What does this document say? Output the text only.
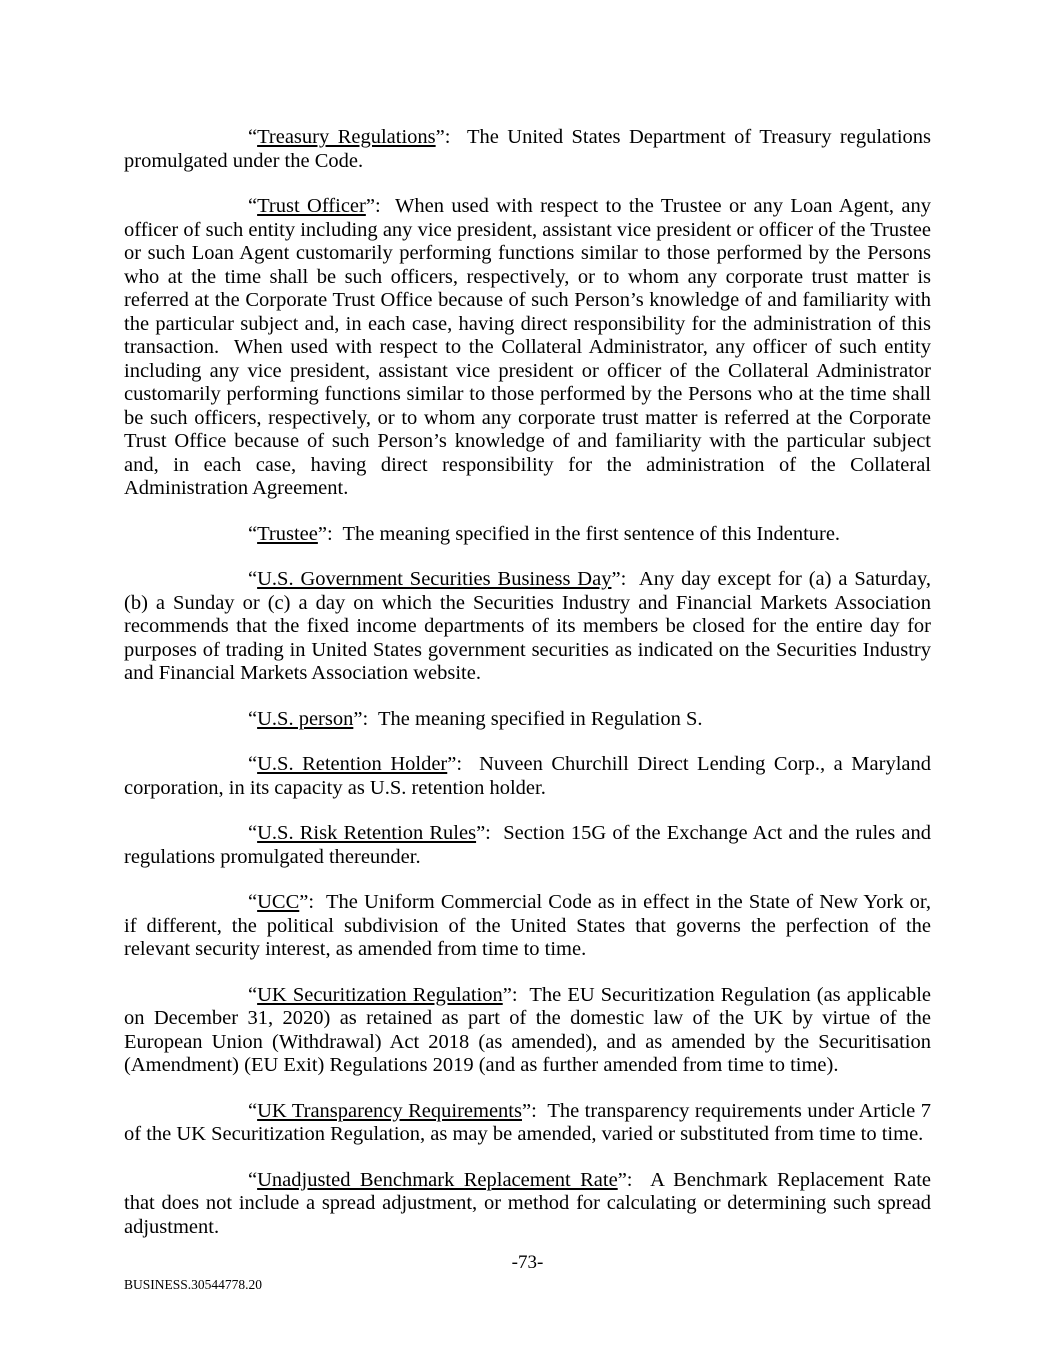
“Treasury Regulations”:  The United States Department of Treasury regulations promulgated under the Code.

“Trust Officer”:  When used with respect to the Trustee or any Loan Agent, any officer of such entity including any vice president, assistant vice president or officer of the Trustee or such Loan Agent customarily performing functions similar to those performed by the Persons who at the time shall be such officers, respectively, or to whom any corporate trust matter is referred at the Corporate Trust Office because of such Person’s knowledge of and familiarity with the particular subject and, in each case, having direct responsibility for the administration of this transaction.  When used with respect to the Collateral Administrator, any officer of such entity including any vice president, assistant vice president or officer of the Collateral Administrator customarily performing functions similar to those performed by the Persons who at the time shall be such officers, respectively, or to whom any corporate trust matter is referred at the Corporate Trust Office because of such Person’s knowledge of and familiarity with the particular subject and, in each case, having direct responsibility for the administration of the Collateral Administration Agreement.

“Trustee”:  The meaning specified in the first sentence of this Indenture.

“U.S. Government Securities Business Day”:  Any day except for (a) a Saturday, (b) a Sunday or (c) a day on which the Securities Industry and Financial Markets Association recommends that the fixed income departments of its members be closed for the entire day for purposes of trading in United States government securities as indicated on the Securities Industry and Financial Markets Association website.

“U.S. person”:  The meaning specified in Regulation S.

“U.S. Retention Holder”:  Nuveen Churchill Direct Lending Corp., a Maryland corporation, in its capacity as U.S. retention holder.

“U.S. Risk Retention Rules”:  Section 15G of the Exchange Act and the rules and regulations promulgated thereunder.

“UCC”:  The Uniform Commercial Code as in effect in the State of New York or, if different, the political subdivision of the United States that governs the perfection of the relevant security interest, as amended from time to time.

“UK Securitization Regulation”:  The EU Securitization Regulation (as applicable on December 31, 2020) as retained as part of the domestic law of the UK by virtue of the European Union (Withdrawal) Act 2018 (as amended), and as amended by the Securitisation (Amendment) (EU Exit) Regulations 2019 (and as further amended from time to time).

“UK Transparency Requirements”:  The transparency requirements under Article 7 of the UK Securitization Regulation, as may be amended, varied or substituted from time to time.

“Unadjusted Benchmark Replacement Rate”:  A Benchmark Replacement Rate that does not include a spread adjustment, or method for calculating or determining such spread adjustment.

-73-
BUSINESS.30544778.20
